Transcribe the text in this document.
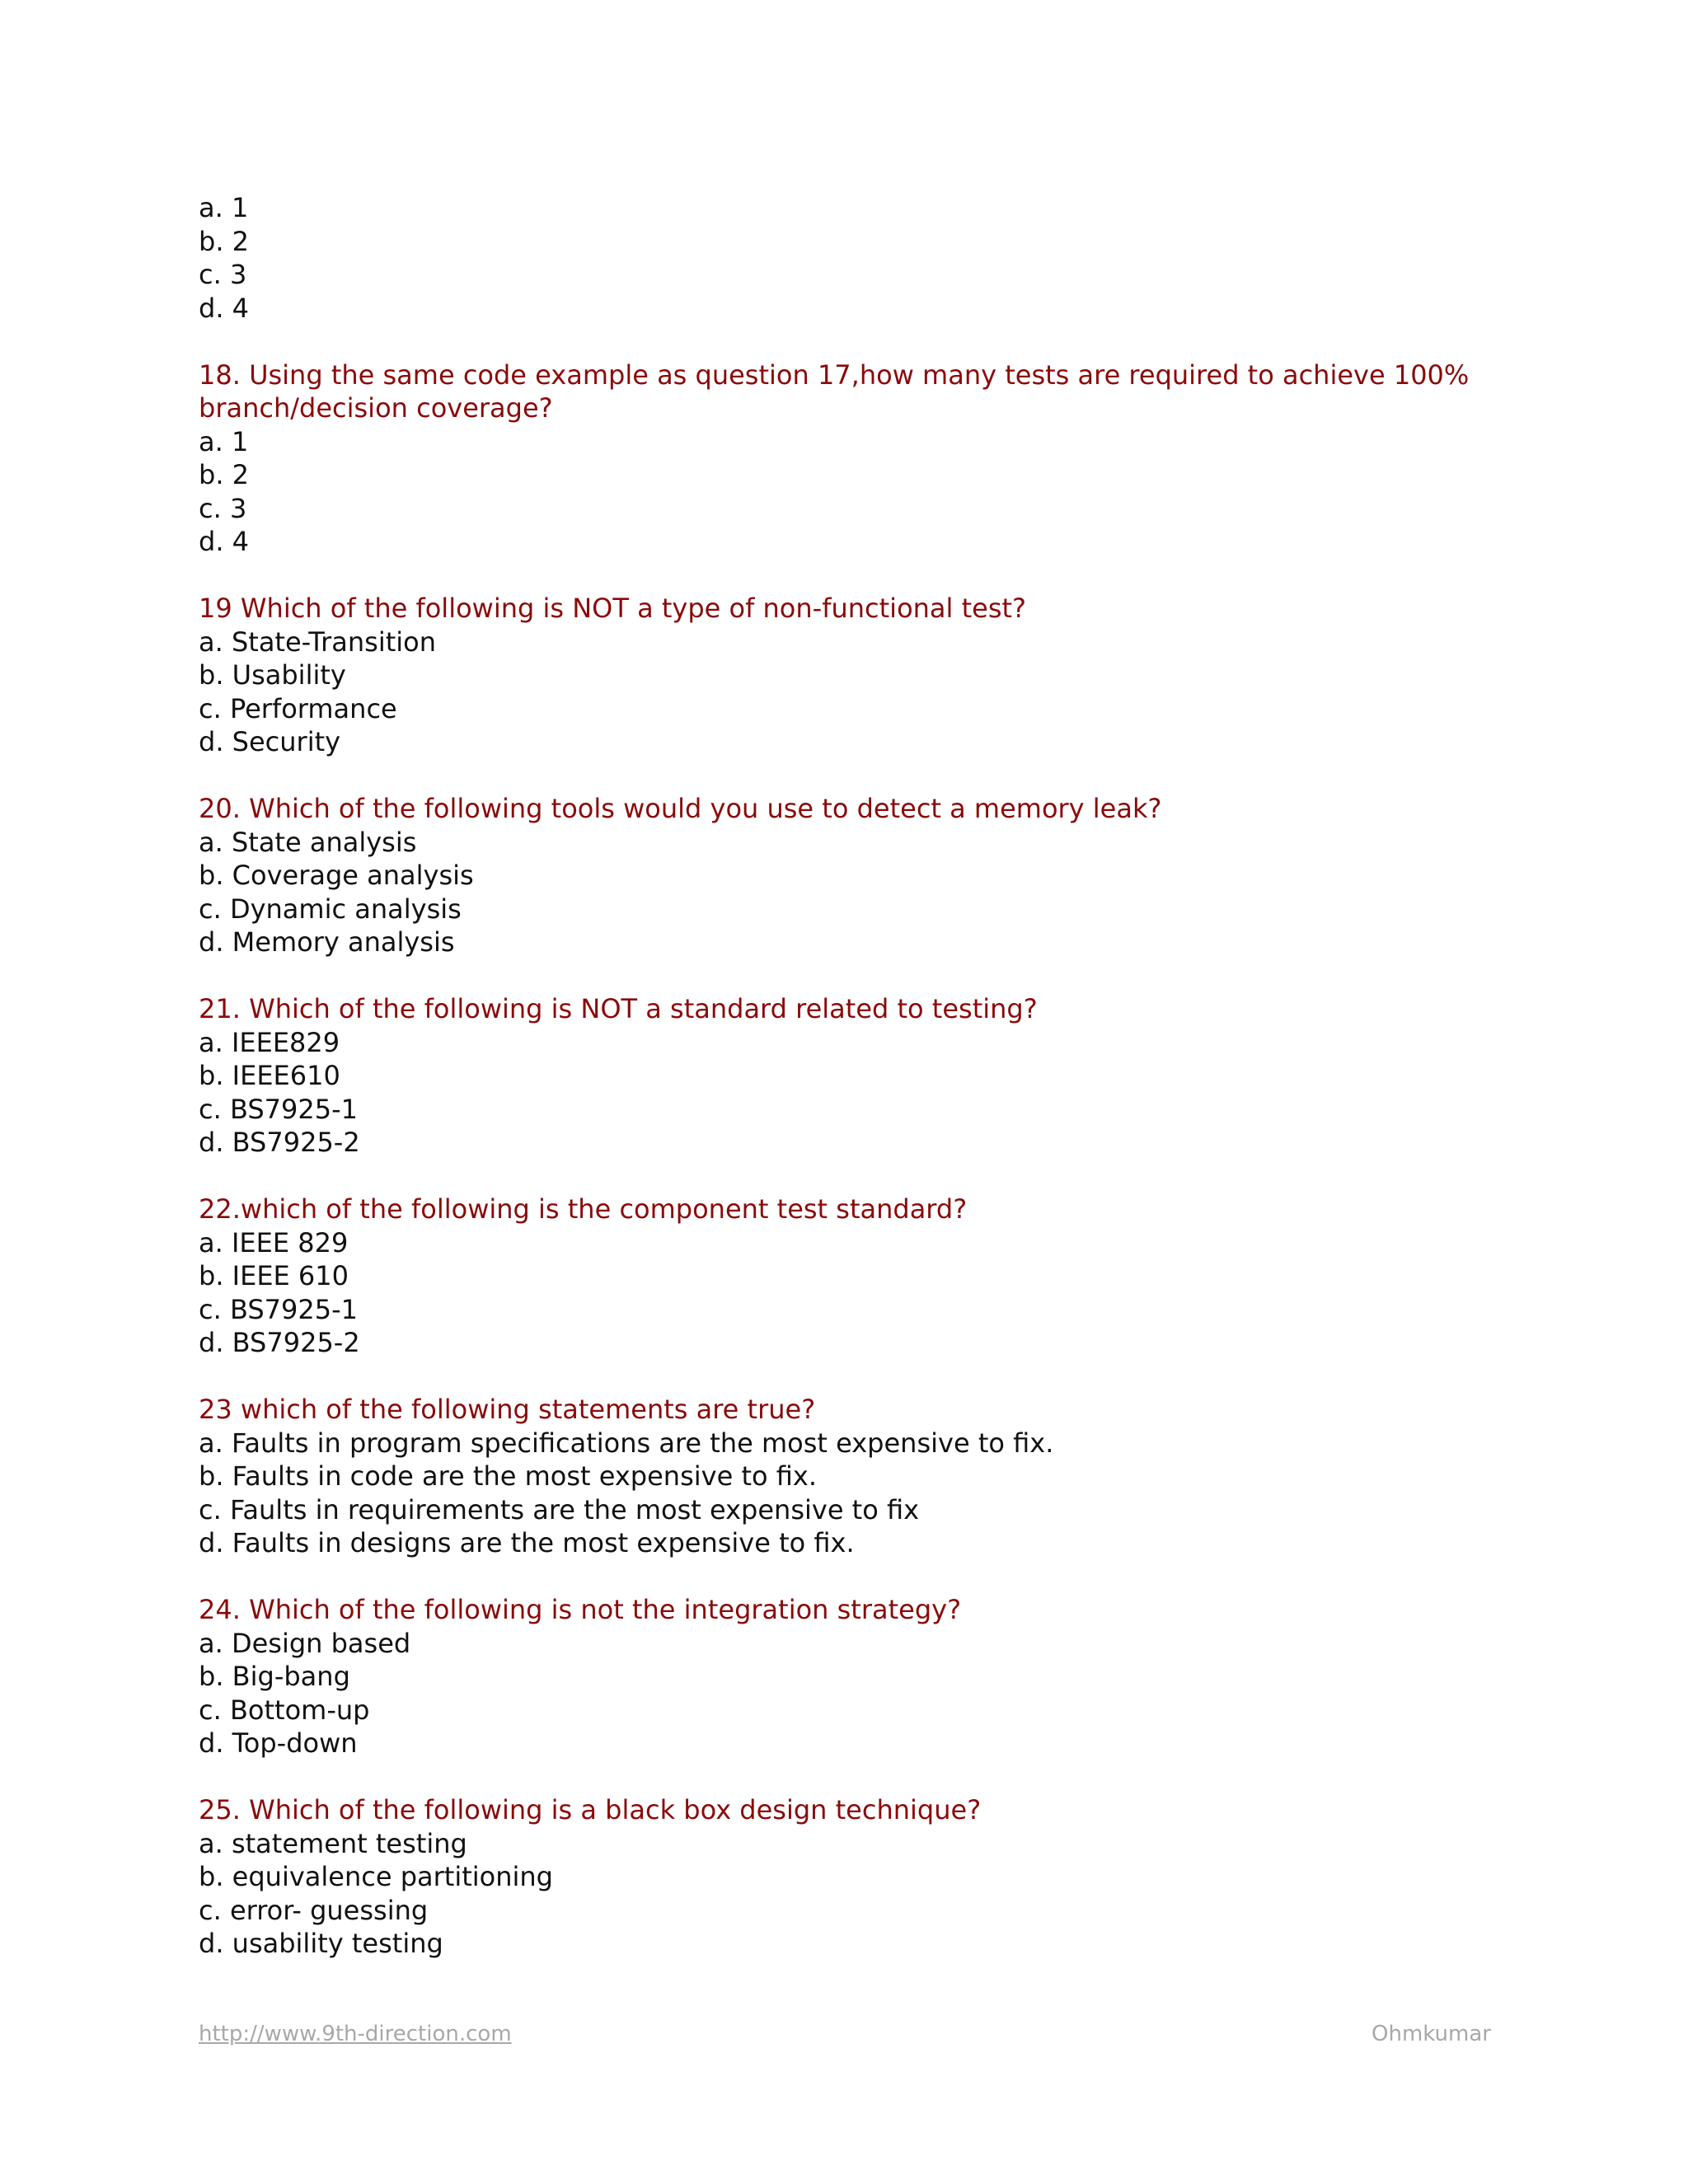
a. 1
b. 2
c. 3
d. 4
18. Using the same code example as question 17,how many tests are required to achieve 100%
branch/decision coverage?
a. 1
b. 2
c. 3
d. 4
19 Which of the following is NOT a type of non-functional test?
a. State-Transition
b. Usability
c. Performance
d. Security
20. Which of the following tools would you use to detect a memory leak?
a. State analysis
b. Coverage analysis
c. Dynamic analysis
d. Memory analysis
21. Which of the following is NOT a standard related to testing?
a. IEEE829
b. IEEE610
c. BS7925-1
d. BS7925-2
22.which of the following is the component test standard?
a. IEEE 829
b. IEEE 610
c. BS7925-1
d. BS7925-2
23 which of the following statements are true?
a. Faults in program specifications are the most expensive to fix.
b. Faults in code are the most expensive to fix.
c. Faults in requirements are the most expensive to fix
d. Faults in designs are the most expensive to fix.
24. Which of the following is not the integration strategy?
a. Design based
b. Big-bang
c. Bottom-up
d. Top-down
25. Which of the following is a black box design technique?
a. statement testing
b. equivalence partitioning
c. error- guessing
d. usability testing
http://www.9th-direction.com	Ohmkumar
